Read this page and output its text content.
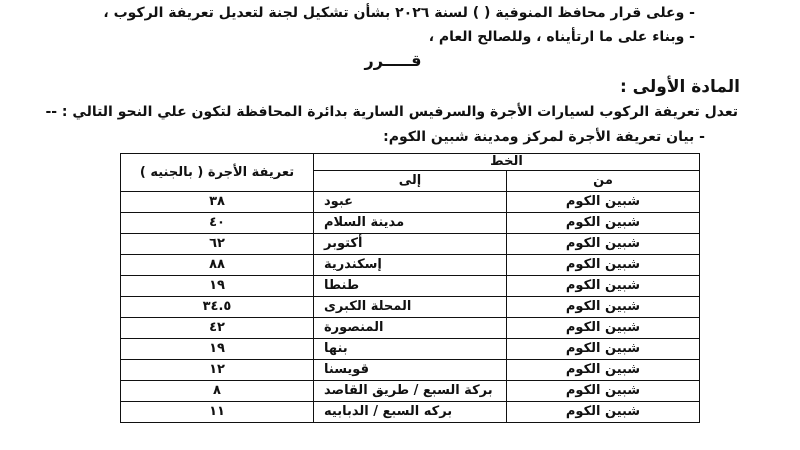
- وعلى قرار محافظ المنوفية ( ) لسنة ٢٠٢٦ بشأن تشكيل لجنة لتعديل تعريفة الركوب ،
- وبناء على ما ارتأيناه ، وللصالح العام ،
قـــــرر
المادة الأولى :
تعدل تعريفة الركوب لسيارات الأجرة والسرفيس السارية بدائرة المحافظة لتكون علي النحو التالي : --
- بيان تعريفة الأجرة لمركز ومدينة شبين الكوم:
الخط		تعريفة الأجرة ( بالجنيه )
من	إلى	
شبين الكوم	عبود	٣٨
شبين الكوم	مدينة السلام	٤٠
شبين الكوم	أكتوبر	٦٢
شبين الكوم	إسكندرية	٨٨
شبين الكوم	طنطا	١٩
شبين الكوم	المحلة الكبرى	٣٤.٥
شبين الكوم	المنصورة	٤٢
شبين الكوم	بنها	١٩
شبين الكوم	قويسنا	١٢
شبين الكوم	بركة السبع / طريق القاصد	٨
شبين الكوم	بركه السبع / الدبابيه	١١
